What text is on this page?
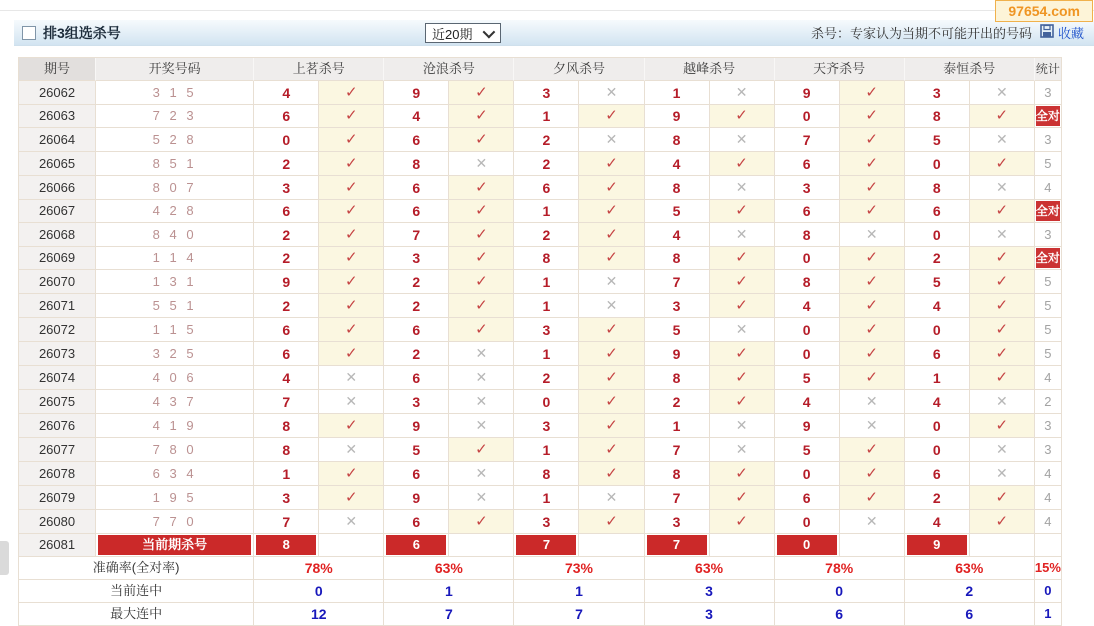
97654.com
排3组选杀号	近20期	杀号：专家认为当期不可能开出的号码 收藏
期号	开奖号码	上茗杀号		沧浪杀号		夕风杀号		越峰杀号		天齐杀号		泰恒杀号		统计
26062	3 1 5	4	✓	9	✓	3	✕	1	✕	9	✓	3	✕	3

26063	7 2 3	6	✓	4	✓	1	✓	9	✓	0	✓	8	✓	全对

26064	5 2 8	0	✓	6	✓	2	✕	8	✕	7	✓	5	✕	3

26065	8 5 1	2	✓	8	✕	2	✓	4	✓	6	✓	0	✓	5

26066	8 0 7	3	✓	6	✓	6	✓	8	✕	3	✓	8	✕	4

26067	4 2 8	6	✓	6	✓	1	✓	5	✓	6	✓	6	✓	全对

26068	8 4 0	2	✓	7	✓	2	✓	4	✕	8	✕	0	✕	3

26069	1 1 4	2	✓	3	✓	8	✓	8	✓	0	✓	2	✓	全对

26070	1 3 1	9	✓	2	✓	1	✕	7	✓	8	✓	5	✓	5

26071	5 5 1	2	✓	2	✓	1	✕	3	✓	4	✓	4	✓	5

26072	1 1 5	6	✓	6	✓	3	✓	5	✕	0	✓	0	✓	5

26073	3 2 5	6	✓	2	✕	1	✓	9	✓	0	✓	6	✓	5

26074	4 0 6	4	✕	6	✕	2	✓	8	✓	5	✓	1	✓	4

26075	4 3 7	7	✕	3	✕	0	✓	2	✓	4	✕	4	✕	2

26076	4 1 9	8	✓	9	✕	3	✓	1	✕	9	✕	0	✓	3

26077	7 8 0	8	✕	5	✓	1	✓	7	✕	5	✓	0	✕	3

26078	6 3 4	1	✓	6	✕	8	✓	8	✓	0	✓	6	✕	4

26079	1 9 5	3	✓	9	✕	1	✕	7	✓	6	✓	2	✓	4

26080	7 7 0	7	✕	6	✓	3	✓	3	✓	0	✕	4	✓	4

26081	当前期杀号	8		6		7		7		0		9		

准确率(全对率)		78%		63%		73%		63%		78%		63%		15%
当前连中		0		1		1		3		0		2		0
最大连中		12		7		7		3		6		6		1
